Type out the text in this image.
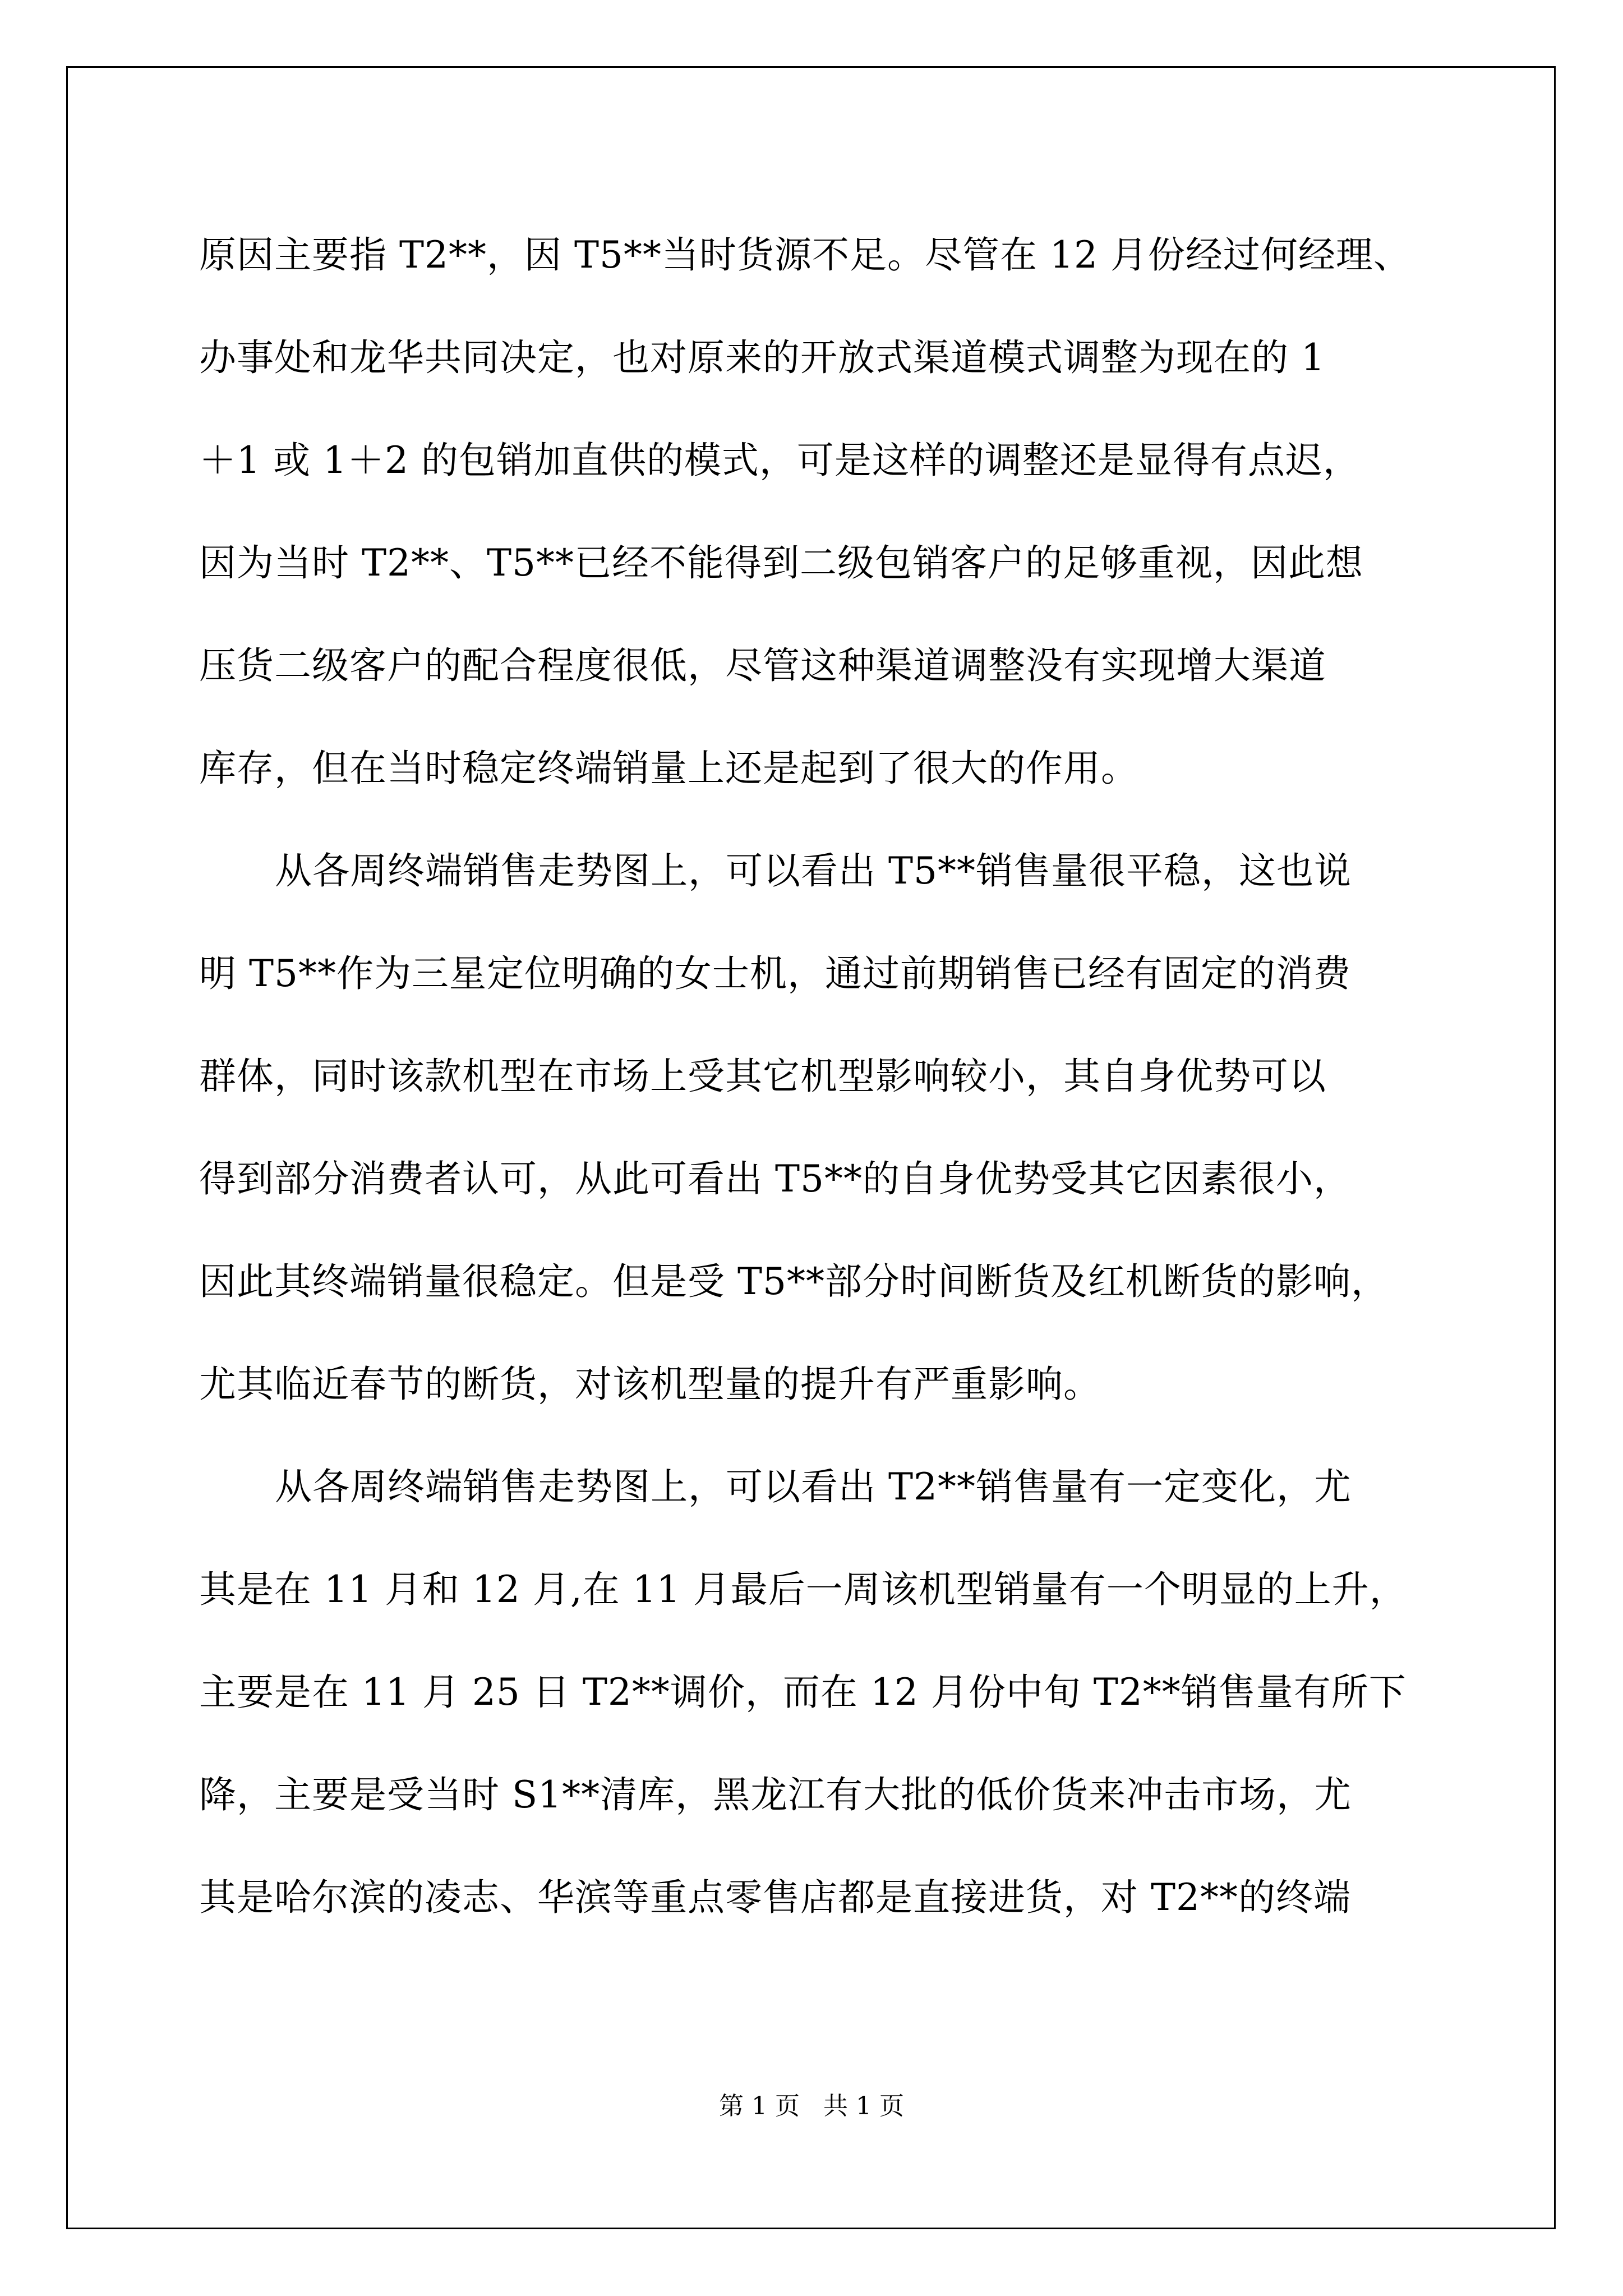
原因主要指 T2**，因 T5**当时货源不足。尽管在 12 月份经过何经理、
办事处和龙华共同决定，也对原来的开放式渠道模式调整为现在的 1
＋1 或 1＋2 的包销加直供的模式，可是这样的调整还是显得有点迟，
因为当时 T2**、T5**已经不能得到二级包销客户的足够重视，因此想
压货二级客户的配合程度很低，尽管这种渠道调整没有实现增大渠道
库存，但在当时稳定终端销量上还是起到了很大的作用。
从各周终端销售走势图上，可以看出 T5**销售量很平稳，这也说
明 T5**作为三星定位明确的女士机，通过前期销售已经有固定的消费
群体，同时该款机型在市场上受其它机型影响较小，其自身优势可以
得到部分消费者认可，从此可看出 T5**的自身优势受其它因素很小，
因此其终端销量很稳定。但是受 T5**部分时间断货及红机断货的影响，
尤其临近春节的断货，对该机型量的提升有严重影响。
从各周终端销售走势图上，可以看出 T2**销售量有一定变化，尤
其是在 11 月和 12 月,在 11 月最后一周该机型销量有一个明显的上升，
主要是在 11 月 25 日 T2**调价，而在 12 月份中旬 T2**销售量有所下
降，主要是受当时 S1**清库，黑龙江有大批的低价货来冲击市场，尤
其是哈尔滨的凌志、华滨等重点零售店都是直接进货，对 T2**的终端
第 1 页   共 1 页
